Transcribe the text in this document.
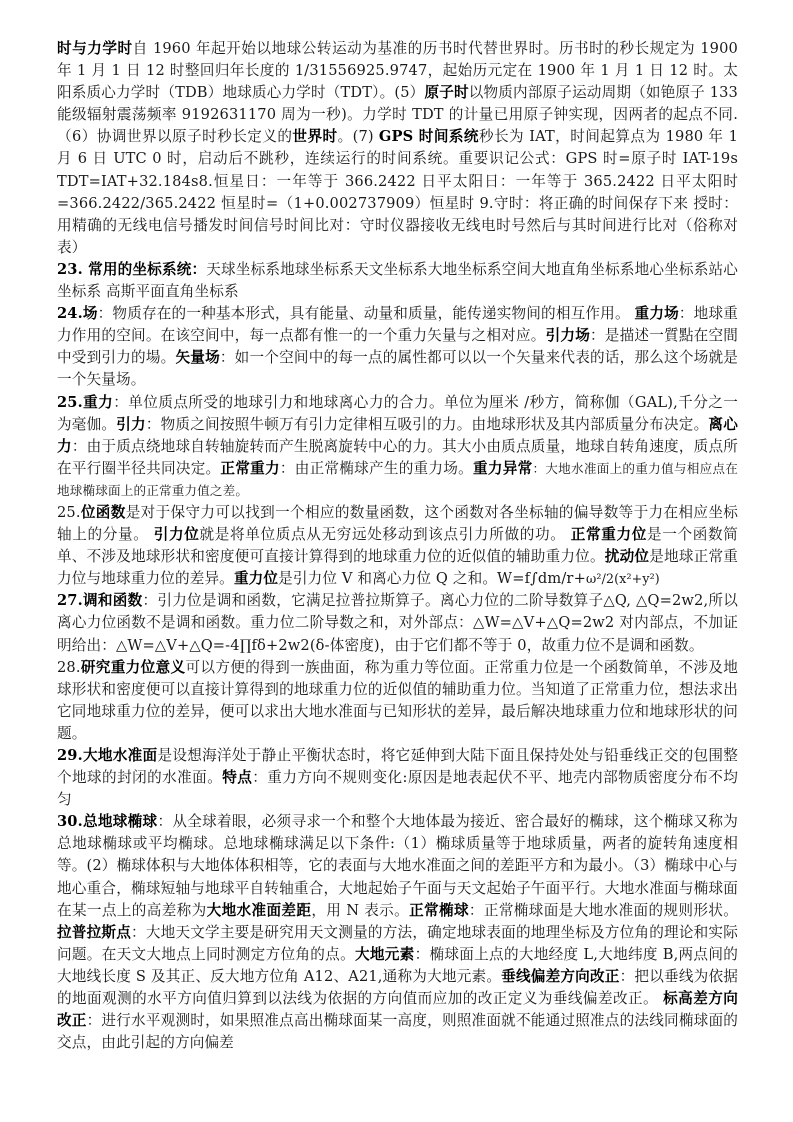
时与力学时自 1960 年起开始以地球公转运动为基准的历书时代替世界时。历书时的秒长规定为 1900 年 1 月 1 日 12 时整回归年长度的 1/31556925.9747，起始历元定在 1900 年 1 月 1 日 12 时。太阳系质心力学时（TDB）地球质心力学时（TDT）。(5）原子时以物质内部原子运动周期（如铯原子 133 能级辐射震荡频率 9192631170 周为一秒)。力学时 TDT 的计量已用原子钟实现，因两者的起点不同.（6）协调世界以原子时秒长定义的世界时。(7) GPS 时间系统秒长为 IAT，时间起算点为 1980 年 1 月 6 日 UTC 0 时，启动后不跳秒，连续运行的时间系统。重要识记公式：GPS 时=原子时 IAT-19s TDT=IAT+32.184s8.恒星日：一年等于 366.2422 日平太阳日：一年等于 365.2422 日平太阳时=366.2422/365.2422 恒星时=（1+0.002737909）恒星时 9.守时：将正确的时间保存下来 授时：用精确的无线电信号播发时间信号时间比对：守时仪器接收无线电时号然后与其时间进行比对（俗称对表）

23. 常用的坐标系统：天球坐标系地球坐标系天文坐标系大地坐标系空间大地直角坐标系地心坐标系站心坐标系 高斯平面直角坐标系

24.场：物质存在的一种基本形式，具有能量、动量和质量，能传递实物间的相互作用。 重力场：地球重力作用的空间。在该空间中，每一点都有惟一的一个重力矢量与之相对应。引力场：是描述一質點在空間中受到引力的場。矢量场：如一个空间中的每一点的属性都可以以一个矢量来代表的话，那么这个场就是一个矢量场。

25.重力：单位质点所受的地球引力和地球离心力的合力。单位为厘米 /秒方，简称伽（GAL),千分之一为毫伽。引力：物质之间按照牛顿万有引力定律相互吸引的力。由地球形状及其内部质量分布决定。离心力：由于质点绕地球自转轴旋转而产生脱离旋转中心的力。其大小由质点质量，地球自转角速度，质点所在平行圈半径共同决定。正常重力：由正常椭球产生的重力场。重力异常：大地水准面上的重力值与相应点在地球椭球面上的正常重力值之差。

25.位函数是对于保守力可以找到一个相应的数量函数，这个函数对各坐标轴的偏导数等于力在相应坐标轴上的分量。 引力位就是将单位质点从无穷远处移动到该点引力所做的功。 正常重力位是一个函数简单、不涉及地球形状和密度便可直接计算得到的地球重力位的近似值的辅助重力位。扰动位是地球正常重力位与地球重力位的差异。重力位是引力位 V 和离心力位 Q 之和。W=f∫dm/r+ω²/2(x²+y²)

27.调和函数：引力位是调和函数，它满足拉普拉斯算子。离心力位的二阶导数算子△Q, △Q=2w2,所以离心力位函数不是调和函数。重力位二阶导数之和，对外部点：△W=△V+△Q=2w2 对内部点，不加证明给出：△W=△V+△Q=-4∏fδ+2w2(δ-体密度)，由于它们都不等于 0，故重力位不是调和函数。

28.研究重力位意义可以方便的得到一族曲面，称为重力等位面。正常重力位是一个函数简单，不涉及地球形状和密度便可以直接计算得到的地球重力位的近似值的辅助重力位。当知道了正常重力位，想法求出它同地球重力位的差异，便可以求出大地水准面与已知形状的差异，最后解决地球重力位和地球形状的问题。

29.大地水准面是设想海洋处于静止平衡状态时，将它延伸到大陆下面且保持处处与铅垂线正交的包围整个地球的封闭的水准面。特点：重力方向不规则变化:原因是地表起伏不平、地壳内部物质密度分布不均匀

30.总地球椭球：从全球着眼，必须寻求一个和整个大地体最为接近、密合最好的椭球，这个椭球又称为总地球椭球或平均椭球。总地球椭球满足以下条件:（1）椭球质量等于地球质量，两者的旋转角速度相等。(2）椭球体积与大地体体积相等，它的表面与大地水准面之间的差距平方和为最小。（3）椭球中心与地心重合，椭球短轴与地球平自转轴重合，大地起始子午面与天文起始子午面平行。大地水准面与椭球面在某一点上的高差称为大地水准面差距，用 N 表示。正常椭球：正常椭球面是大地水准面的规则形状。 拉普拉斯点：大地天文学主要是研究用天文测量的方法，确定地球表面的地理坐标及方位角的理论和实际问题。在天文大地点上同时测定方位角的点。大地元素：椭球面上点的大地经度 L,大地纬度 B,两点间的大地线长度 S 及其正、反大地方位角 A12、A21,通称为大地元素。垂线偏差方向改正：把以垂线为依据的地面观测的水平方向值归算到以法线为依据的方向值而应加的改正定义为垂线偏差改正。 标高差方向改正：进行水平观测时，如果照准点高出椭球面某一高度，则照准面就不能通过照准点的法线同椭球面的交点，由此引起的方向偏差
